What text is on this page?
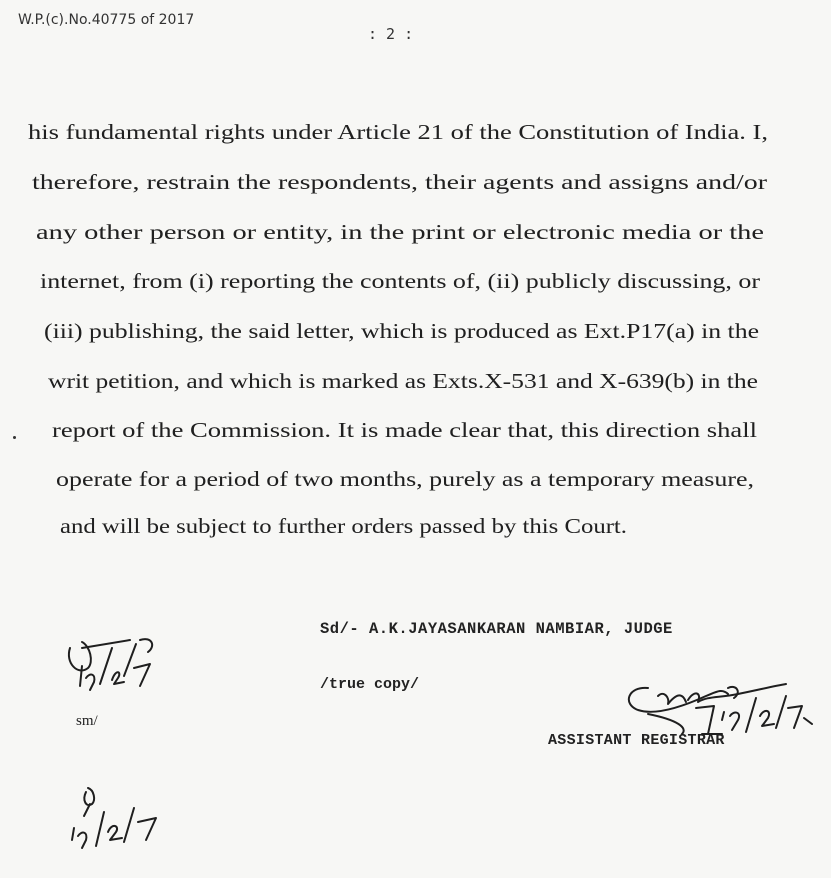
W.P.(c).No.40775 of 2017
: 2 :
his fundamental rights under Article 21 of the Constitution of India. I,
therefore, restrain the respondents, their agents and assigns and/or
any other person or entity, in the print or electronic media or the
internet, from (i) reporting the contents of, (ii) publicly discussing, or
(iii) publishing, the said letter, which is produced as Ext.P17(a) in the
writ petition, and which is marked as Exts.X-531 and X-639(b) in the
report of the Commission. It is made clear that, this direction shall
operate for a period of two months, purely as a temporary measure,
and will be subject to further orders passed by this Court.
Sd/- A.K.JAYASANKARAN NAMBIAR, JUDGE
/true copy/
sm/
ASSISTANT REGISTRAR
